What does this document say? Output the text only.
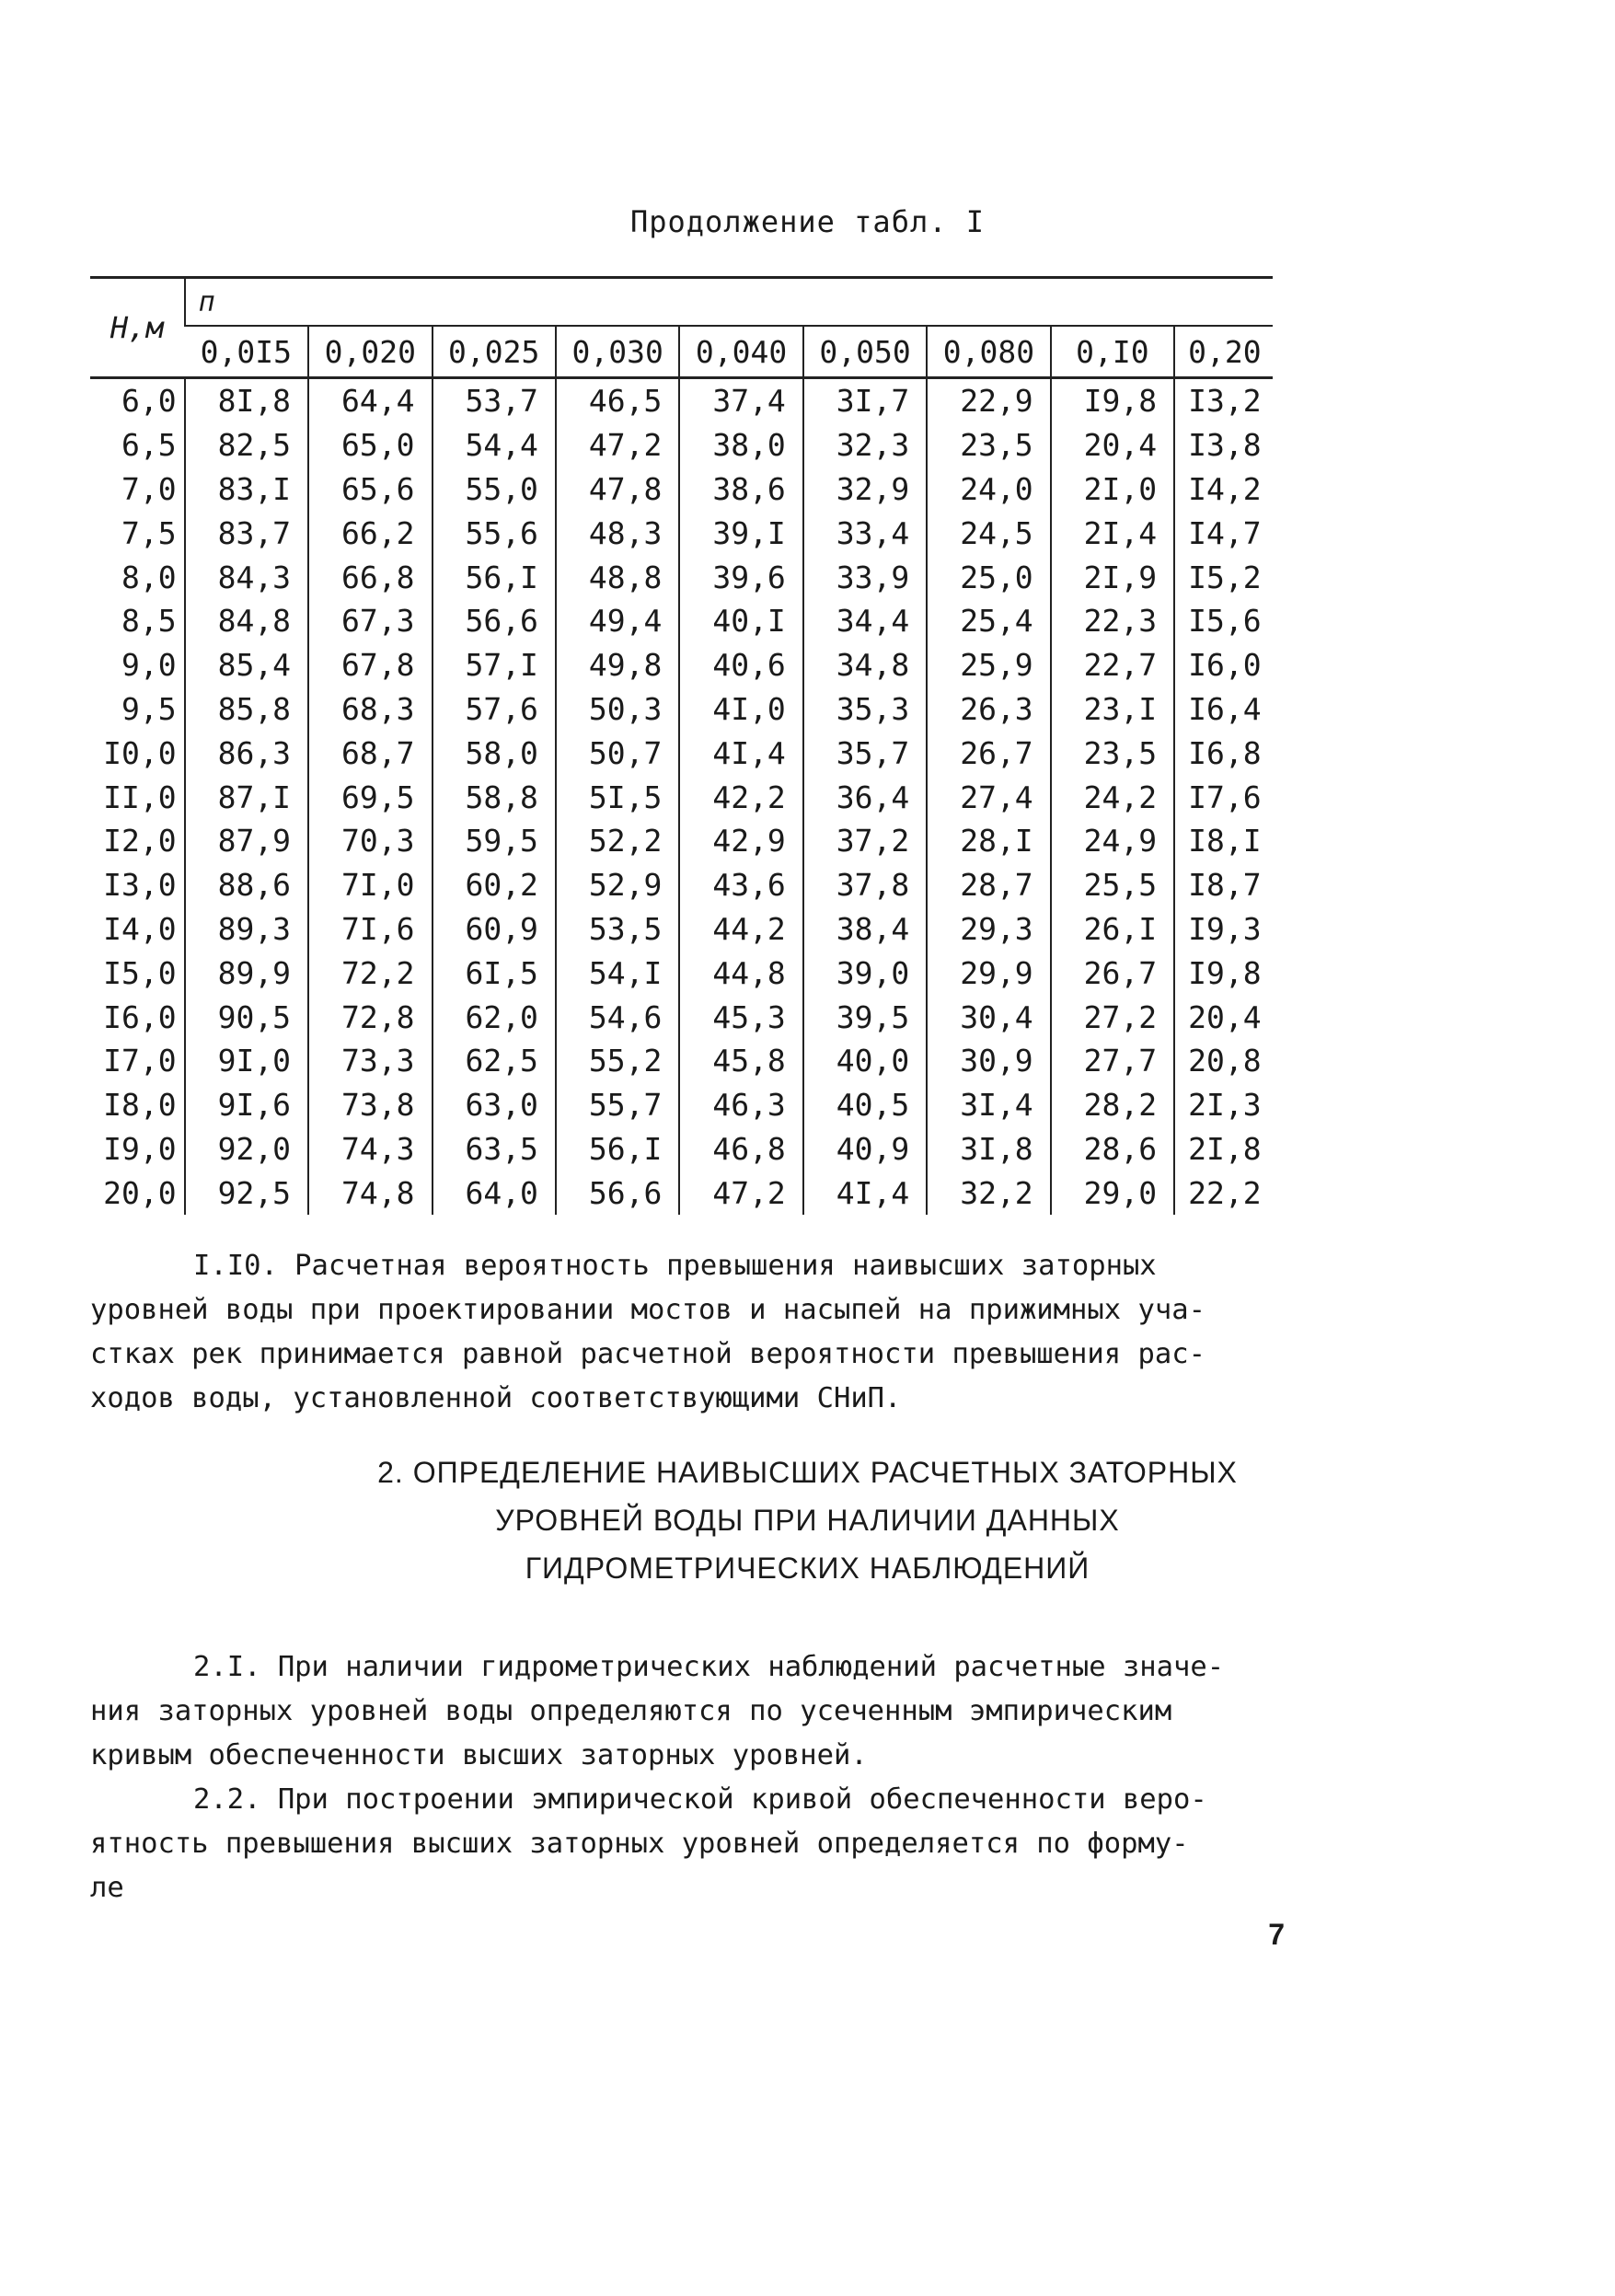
Продолжение табл. I
Н,м	п								
	0,0I5	0,020	0,025	0,030	0,040	0,050	0,080	0,I0	0,20
6,0	8I,8	64,4	53,7	46,5	37,4	3I,7	22,9	I9,8	I3,2
6,5	82,5	65,0	54,4	47,2	38,0	32,3	23,5	20,4	I3,8
7,0	83,I	65,6	55,0	47,8	38,6	32,9	24,0	2I,0	I4,2
7,5	83,7	66,2	55,6	48,3	39,I	33,4	24,5	2I,4	I4,7
8,0	84,3	66,8	56,I	48,8	39,6	33,9	25,0	2I,9	I5,2
8,5	84,8	67,3	56,6	49,4	40,I	34,4	25,4	22,3	I5,6
9,0	85,4	67,8	57,I	49,8	40,6	34,8	25,9	22,7	I6,0
9,5	85,8	68,3	57,6	50,3	4I,0	35,3	26,3	23,I	I6,4
I0,0	86,3	68,7	58,0	50,7	4I,4	35,7	26,7	23,5	I6,8
II,0	87,I	69,5	58,8	5I,5	42,2	36,4	27,4	24,2	I7,6
I2,0	87,9	70,3	59,5	52,2	42,9	37,2	28,I	24,9	I8,I
I3,0	88,6	7I,0	60,2	52,9	43,6	37,8	28,7	25,5	I8,7
I4,0	89,3	7I,6	60,9	53,5	44,2	38,4	29,3	26,I	I9,3
I5,0	89,9	72,2	6I,5	54,I	44,8	39,0	29,9	26,7	I9,8
I6,0	90,5	72,8	62,0	54,6	45,3	39,5	30,4	27,2	20,4
I7,0	9I,0	73,3	62,5	55,2	45,8	40,0	30,9	27,7	20,8
I8,0	9I,6	73,8	63,0	55,7	46,3	40,5	3I,4	28,2	2I,3
I9,0	92,0	74,3	63,5	56,I	46,8	40,9	3I,8	28,6	2I,8
20,0	92,5	74,8	64,0	56,6	47,2	4I,4	32,2	29,0	22,2
I.I0. Расчетная вероятность превышения наивысших заторных
уровней воды при проектировании мостов и насыпей на прижимных уча-
стках рек принимается равной расчетной вероятности превышения рас-
ходов воды, установленной соответствующими СНиП.
2. ОПРЕДЕЛЕНИЕ НАИВЫСШИХ РАСЧЕТНЫХ ЗАТОРНЫХ
УРОВНЕЙ ВОДЫ ПРИ НАЛИЧИИ ДАННЫХ
ГИДРОМЕТРИЧЕСКИХ НАБЛЮДЕНИЙ
2.I. При наличии гидрометрических наблюдений расчетные значе-
ния заторных уровней воды определяются по усеченным эмпирическим
кривым обеспеченности высших заторных уровней.
2.2. При построении эмпирической кривой обеспеченности веро-
ятность превышения высших заторных уровней определяется по форму-
ле
7
